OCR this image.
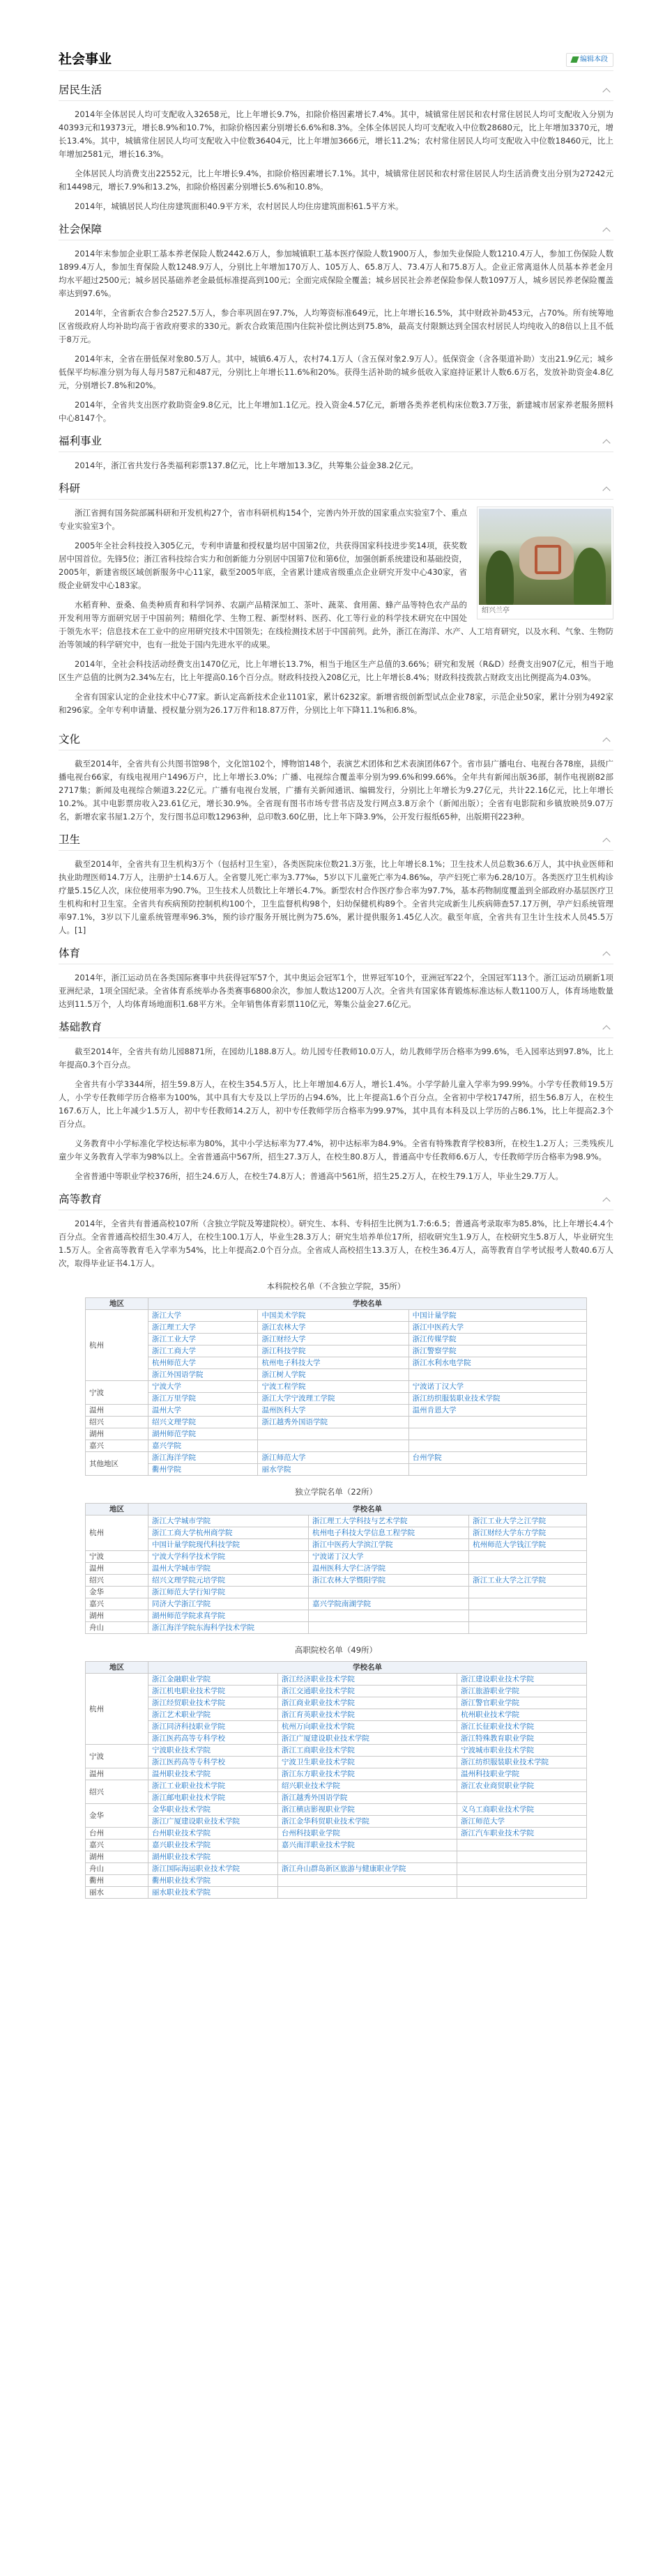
社会事业	编辑本段
居民生活

2014年全体居民人均可支配收入32658元，比上年增长9.7%，扣除价格因素增长7.4%。其中，城镇常住居民和农村常住居民人均可支配收入分别为40393元和19373元，增长8.9%和10.7%，扣除价格因素分别增长6.6%和8.3%。全体全体居民人均可支配收入中位数28680元，比上年增加3370元，增长13.4%。其中，城镇常住居民人均可支配收入中位数36404元，比上年增加3666元，增长11.2%；农村常住居民人均可支配收入中位数18460元，比上年增加2581元，增长16.3%。

全体居民人均消费支出22552元，比上年增长9.4%，扣除价格因素增长7.1%。其中，城镇常住居民和农村常住居民人均生活消费支出分别为27242元和14498元，增长7.9%和13.2%，扣除价格因素分别增长5.6%和10.8%。

2014年，城镇居民人均住房建筑面积40.9平方米，农村居民人均住房建筑面积61.5平方米。

社会保障

2014年末参加企业职工基本养老保险人数2442.6万人，参加城镇职工基本医疗保险人数1900万人，参加失业保险人数1210.4万人，参加工伤保险人数1899.4万人，参加生育保险人数1248.9万人，分别比上年增加170万人、105万人、65.8万人、73.4万人和75.8万人。企业正常离退休人员基本养老金月均水平超过2500元；城乡居民基础养老金最低标准提高到100元；全面完成保险全覆盖；城乡居民社会养老保险参保人数1097万人，城乡居民养老保险覆盖率达到97.6%。

2014年，全省新农合参合2527.5万人，参合率巩固在97.7%，人均筹资标准649元，比上年增长16.5%，其中财政补助453元，占70%。所有统筹地区省级政府人均补助均高于省政府要求的330元。新农合政策范围内住院补偿比例达到75.8%，最高支付限额达到全国农村居民人均纯收入的8倍以上且不低于8万元。

2014年末，全省在册低保对象80.5万人。其中，城镇6.4万人，农村74.1万人（含五保对象2.9万人）。低保资金（含各渠道补助）支出21.9亿元；城乡低保平均标准分别为每人每月587元和487元，分别比上年增长11.6%和20%。获得生活补助的城乡低收入家庭持证累计人数6.6万名，发放补助资金4.8亿元，分别增长7.8%和20%。

2014年，全省共支出医疗救助资金9.8亿元，比上年增加1.1亿元。投入资金4.57亿元，新增各类养老机构床位数3.7万张，新建城市居家养老服务照料中心8147个。

福利事业

2014年，浙江省共发行各类福利彩票137.8亿元，比上年增加13.3亿，共筹集公益金38.2亿元。

科研
绍兴兰亭

浙江省拥有国务院部属科研和开发机构27个，省市科研机构154个，完善内外开放的国家重点实验室7个、重点专业实验室3个。

2005年全社会科技投入305亿元，专利申请量和授权量均居中国第2位，共获得国家科技进步奖14项，获奖数居中国首位。先锋5位；浙江省科技综合实力和创新能力分别居中国第7位和第6位，加强创新系统建设和基础投资，2005年，新建省级区域创新服务中心11家，截至2005年底，全省累计建成省级重点企业研究开发中心430家，省级企业研发中心183家。

水稻育种、蚕桑、鱼类种质育和科学饲养、农副产品精深加工、茶叶、蔬菜、食用菌、蜂产品等特色农产品的开发利用等方面研究居于中国前列；精细化学、生物工程、新型材料、医药、化工等行业的科学技术研究在中国处于领先水平；信息技术在工业中的应用研究技术中国领先；在线检测技术居于中国前列。此外，浙江在海洋、水产、人工培育研究，以及水利、气象、生物防治等领域的科学研究中，也有一批处于国内先进水平的成果。

2014年，全社会科技活动经费支出1470亿元，比上年增长13.7%，相当于地区生产总值的3.66%；研究和发展（R&D）经费支出907亿元，相当于地区生产总值的比例为2.34%左右，比上年提高0.16个百分点。财政科技投入208亿元，比上年增长8.4%；财政科技拨款占财政支出比例提高为4.03%。

全省有国家认定的企业技术中心77家。新认定高新技术企业1101家，累计6232家。新增省级创新型试点企业78家，示范企业50家，累计分别为492家和296家。全年专利申请量、授权量分别为26.17万件和18.87万件，分别比上年下降11.1%和6.8%。

文化

截至2014年，全省共有公共图书馆98个，文化馆102个，博物馆148个，表演艺术团体和艺术表演团体67个。省市县广播电台、电视台各78座，县级广播电视台66家，有线电视用户1496万户，比上年增长3.0%；广播、电视综合覆盖率分别为99.6%和99.66%。全年共有新闻出版36部，制作电视剧82部2717集；新闻及电视综合频道3.22亿元。广播有电视台发展，广播有关新闻通讯、编辑发行，分别比上年增长为9.27亿元，共计22.16亿元，比上年增长10.2%。其中电影票房收入23.61亿元，增长30.9%。全省现有图书市场专营书店及发行网点3.8万余个（新闻出版）；全省有电影院和乡镇放映员9.07万名，新增农家书屋1.2万个，发行图书总印数12963种，总印数3.60亿册，比上年下降3.9%，公开发行报纸65种，出版期刊223种。

卫生

截至2014年，全省共有卫生机构3万个（包括村卫生室），各类医院床位数21.3万张，比上年增长8.1%；卫生技术人员总数36.6万人，其中执业医师和执业助理医师14.7万人，注册护士14.6万人。全省婴儿死亡率为3.77‰，5岁以下儿童死亡率为4.86‰，孕产妇死亡率为6.28/10万。各类医疗卫生机构诊疗量5.15亿人次，床位使用率为90.7%。卫生技术人员数比上年增长4.7%。新型农村合作医疗参合率为97.7%，基本药物制度覆盖到全部政府办基层医疗卫生机构和村卫生室。全省共有疾病预防控制机构100个，卫生监督机构98个，妇幼保健机构89个。全省共完成新生儿疾病筛查57.17万例，孕产妇系统管理率97.1%，3岁以下儿童系统管理率96.3%，预约诊疗服务开展比例为75.6%，累计提供服务1.45亿人次。截至年底，全省共有卫生计生技术人员45.5万人。[1]

体育

2014年，浙江运动员在各类国际赛事中共获得冠军57个，其中奥运会冠军1个，世界冠军10个，亚洲冠军22个，全国冠军113个。浙江运动员刷新1项亚洲纪录，1项全国纪录。全省体育系统举办各类赛事6800余次，参加人数达1200万人次。全省共有国家体育锻炼标准达标人数1100万人，体育场地数量达到11.5万个，人均体育场地面积1.68平方米。全年销售体育彩票110亿元，筹集公益金27.6亿元。

基础教育

截至2014年，全省共有幼儿园8871所，在园幼儿188.8万人。幼儿园专任教师10.0万人，幼儿教师学历合格率为99.6%，毛入园率达到97.8%，比上年提高0.3个百分点。

全省共有小学3344所，招生59.8万人，在校生354.5万人，比上年增加4.6万人，增长1.4%。小学学龄儿童入学率为99.99%。小学专任教师19.5万人，小学专任教师学历合格率为100%，其中具有大专及以上学历的占94.6%，比上年提高1.6个百分点。全省初中学校1747所，招生56.8万人，在校生167.6万人，比上年减少1.5万人，初中专任教师14.2万人，初中专任教师学历合格率为99.97%，其中具有本科及以上学历的占86.1%，比上年提高2.3个百分点。

义务教育中小学标准化学校达标率为80%，其中小学达标率为77.4%，初中达标率为84.9%。全省有特殊教育学校83所，在校生1.2万人；三类残疾儿童少年义务教育入学率为98%以上。全省普通高中567所，招生27.3万人，在校生80.8万人，普通高中专任教师6.6万人，专任教师学历合格率为98.9%。

全省普通中等职业学校376所，招生24.6万人，在校生74.8万人；普通高中561所，招生25.2万人，在校生79.1万人，毕业生29.7万人。

高等教育

2014年，全省共有普通高校107所（含独立学院及筹建院校）。研究生、本科、专科招生比例为1.7:6:6.5；普通高考录取率为85.8%，比上年增长4.4个百分点。全省普通高校招生30.4万人，在校生100.1万人，毕业生28.3万人；研究生培养单位17所，招收研究生1.9万人，在校研究生5.8万人，毕业研究生1.5万人。全省高等教育毛入学率为54%，比上年提高2.0个百分点。全省成人高校招生13.3万人，在校生36.4万人，高等教育自学考试报考人数40.6万人次，取得毕业证书4.1万人。

本科院校名单（不含独立学院，35所）
地区	学校名单		
杭州	浙江大学	中国美术学院	中国计量学院
	浙江理工大学	浙江农林大学	浙江中医药大学
	浙江工业大学	浙江财经大学	浙江传媒学院
	浙江工商大学	浙江科技学院	浙江警察学院
	杭州师范大学	杭州电子科技大学	浙江水利水电学院
	浙江外国语学院	浙江树人学院	
宁波	宁波大学	宁波工程学院	宁波诺丁汉大学
	浙江万里学院	浙江大学宁波理工学院	浙江纺织服装职业技术学院
温州	温州大学	温州医科大学	温州肯恩大学
绍兴	绍兴文理学院	浙江越秀外国语学院	
湖州	湖州师范学院		
嘉兴	嘉兴学院		
其他地区	浙江海洋学院	浙江师范大学	台州学院
	衢州学院	丽水学院	
独立学院名单（22所）
地区	学校名单		
杭州	浙江大学城市学院	浙江理工大学科技与艺术学院	浙江工业大学之江学院
	浙江工商大学杭州商学院	杭州电子科技大学信息工程学院	浙江财经大学东方学院
	中国计量学院现代科技学院	浙江中医药大学滨江学院	杭州师范大学钱江学院
宁波	宁波大学科学技术学院	宁波诺丁汉大学	
温州	温州大学城市学院	温州医科大学仁济学院	
绍兴	绍兴文理学院元培学院	浙江农林大学暨阳学院	浙江工业大学之江学院
金华	浙江师范大学行知学院		
嘉兴	同济大学浙江学院	嘉兴学院南湖学院	
湖州	湖州师范学院求真学院		
舟山	浙江海洋学院东海科学技术学院		
高职院校名单（49所）
地区	学校名单		
杭州	浙江金融职业学院	浙江经济职业技术学院	浙江建设职业技术学院
	浙江机电职业技术学院	浙江交通职业技术学院	浙江旅游职业学院
	浙江经贸职业技术学院	浙江商业职业技术学院	浙江警官职业学院
	浙江艺术职业学院	浙江育英职业技术学院	杭州职业技术学院
	浙江同济科技职业学院	杭州万向职业技术学院	浙江长征职业技术学院
	浙江医药高等专科学校	浙江广厦建设职业技术学院	浙江特殊教育职业学院
宁波	宁波职业技术学院	浙江工商职业技术学院	宁波城市职业技术学院
	浙江医药高等专科学校	宁波卫生职业技术学院	浙江纺织服装职业技术学院
温州	温州职业技术学院	浙江东方职业技术学院	温州科技职业学院
绍兴	浙江工业职业技术学院	绍兴职业技术学院	浙江农业商贸职业学院
	浙江邮电职业技术学院	浙江越秀外国语学院	
金华	金华职业技术学院	浙江横店影视职业学院	义乌工商职业技术学院
	浙江广厦建设职业技术学院	浙江金华科贸职业技术学院	浙江师范大学
台州	台州职业技术学院	台州科技职业学院	浙江汽车职业技术学院
嘉兴	嘉兴职业技术学院	嘉兴南洋职业技术学院	
湖州	湖州职业技术学院		
舟山	浙江国际海运职业技术学院	浙江舟山群岛新区旅游与健康职业学院	
衢州	衢州职业技术学院		
丽水	丽水职业技术学院		
